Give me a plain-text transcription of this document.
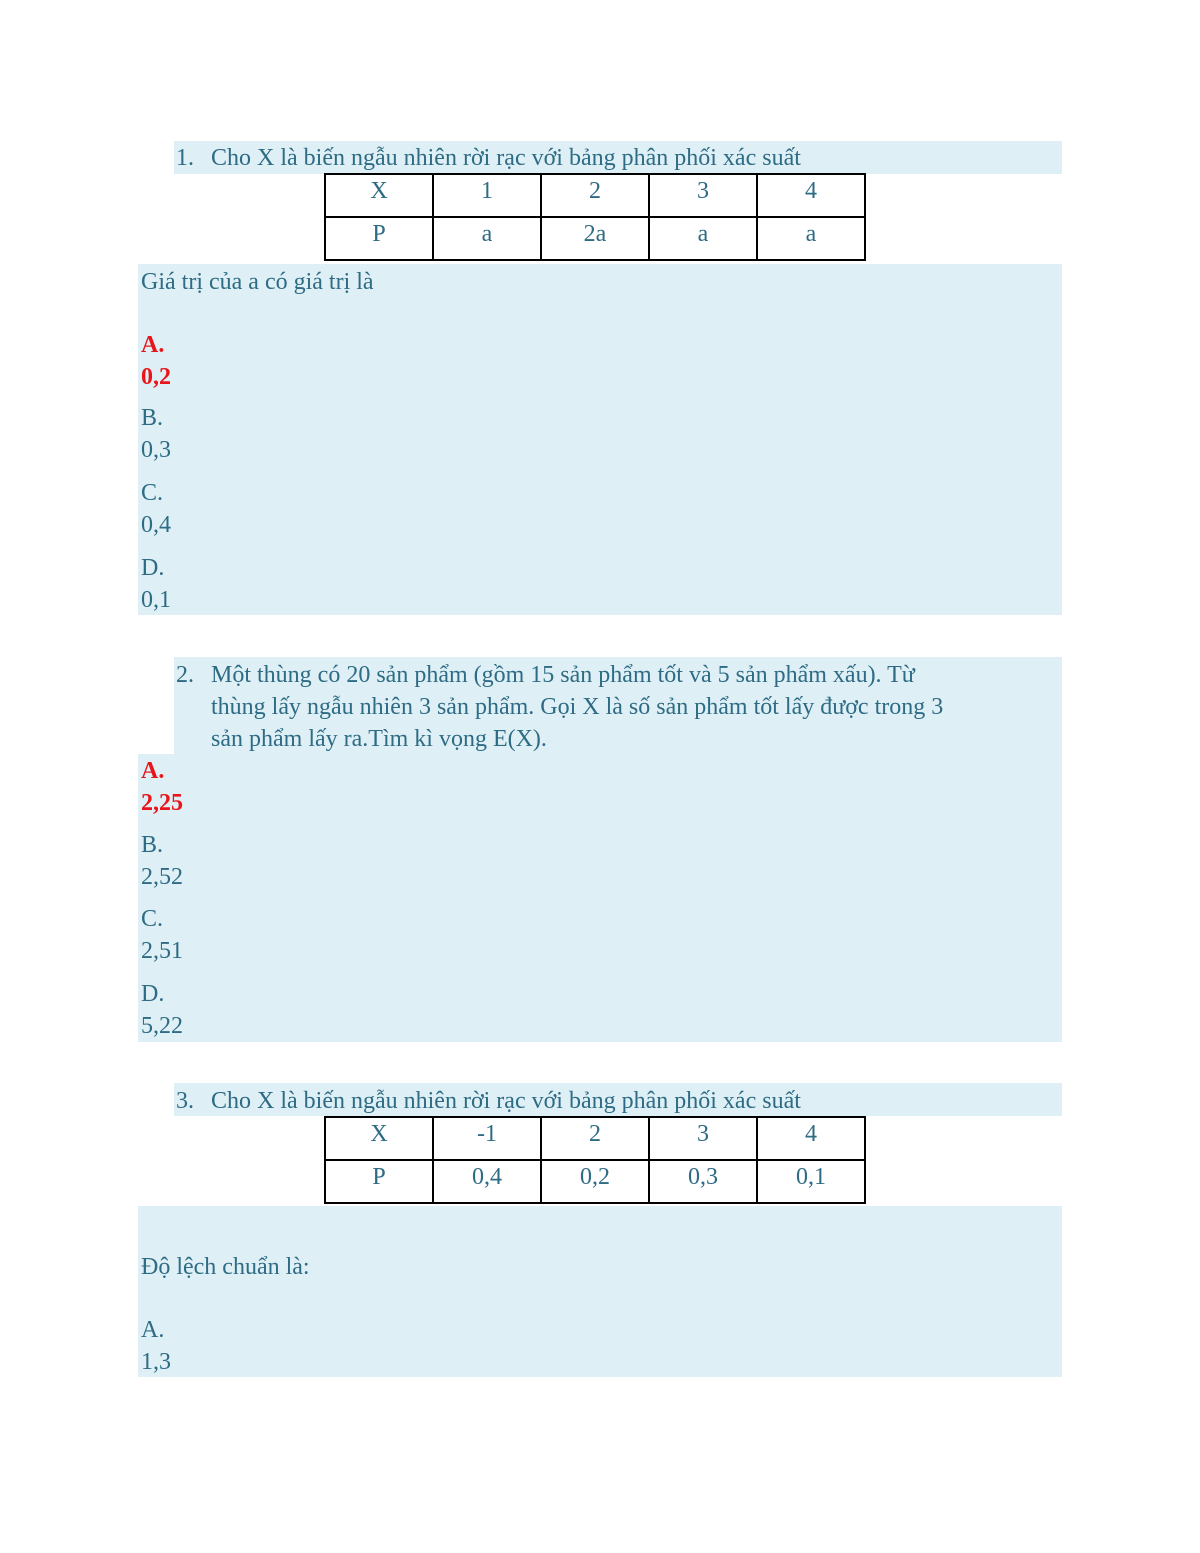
1. Cho X là biến ngẫu nhiên rời rạc với bảng phân phối xác suất
X	1	2	3	4
P	a	2a	a	a
Giá trị của a có giá trị là
A.
0,2
B.
0,3
C.
0,4
D.
0,1
2. Một thùng có 20 sản phẩm (gồm 15 sản phẩm tốt và 5 sản phẩm xấu). Từ
thùng lấy ngẫu nhiên 3 sản phẩm. Gọi X là số sản phẩm tốt lấy được trong 3
sản phẩm lấy ra.Tìm kì vọng E(X).
A.
2,25
B.
2,52
C.
2,51
D.
5,22
3. Cho X là biến ngẫu nhiên rời rạc với bảng phân phối xác suất
X	-1	2	3	4
P	0,4	0,2	0,3	0,1
Độ lệch chuẩn là:
A.
1,3
